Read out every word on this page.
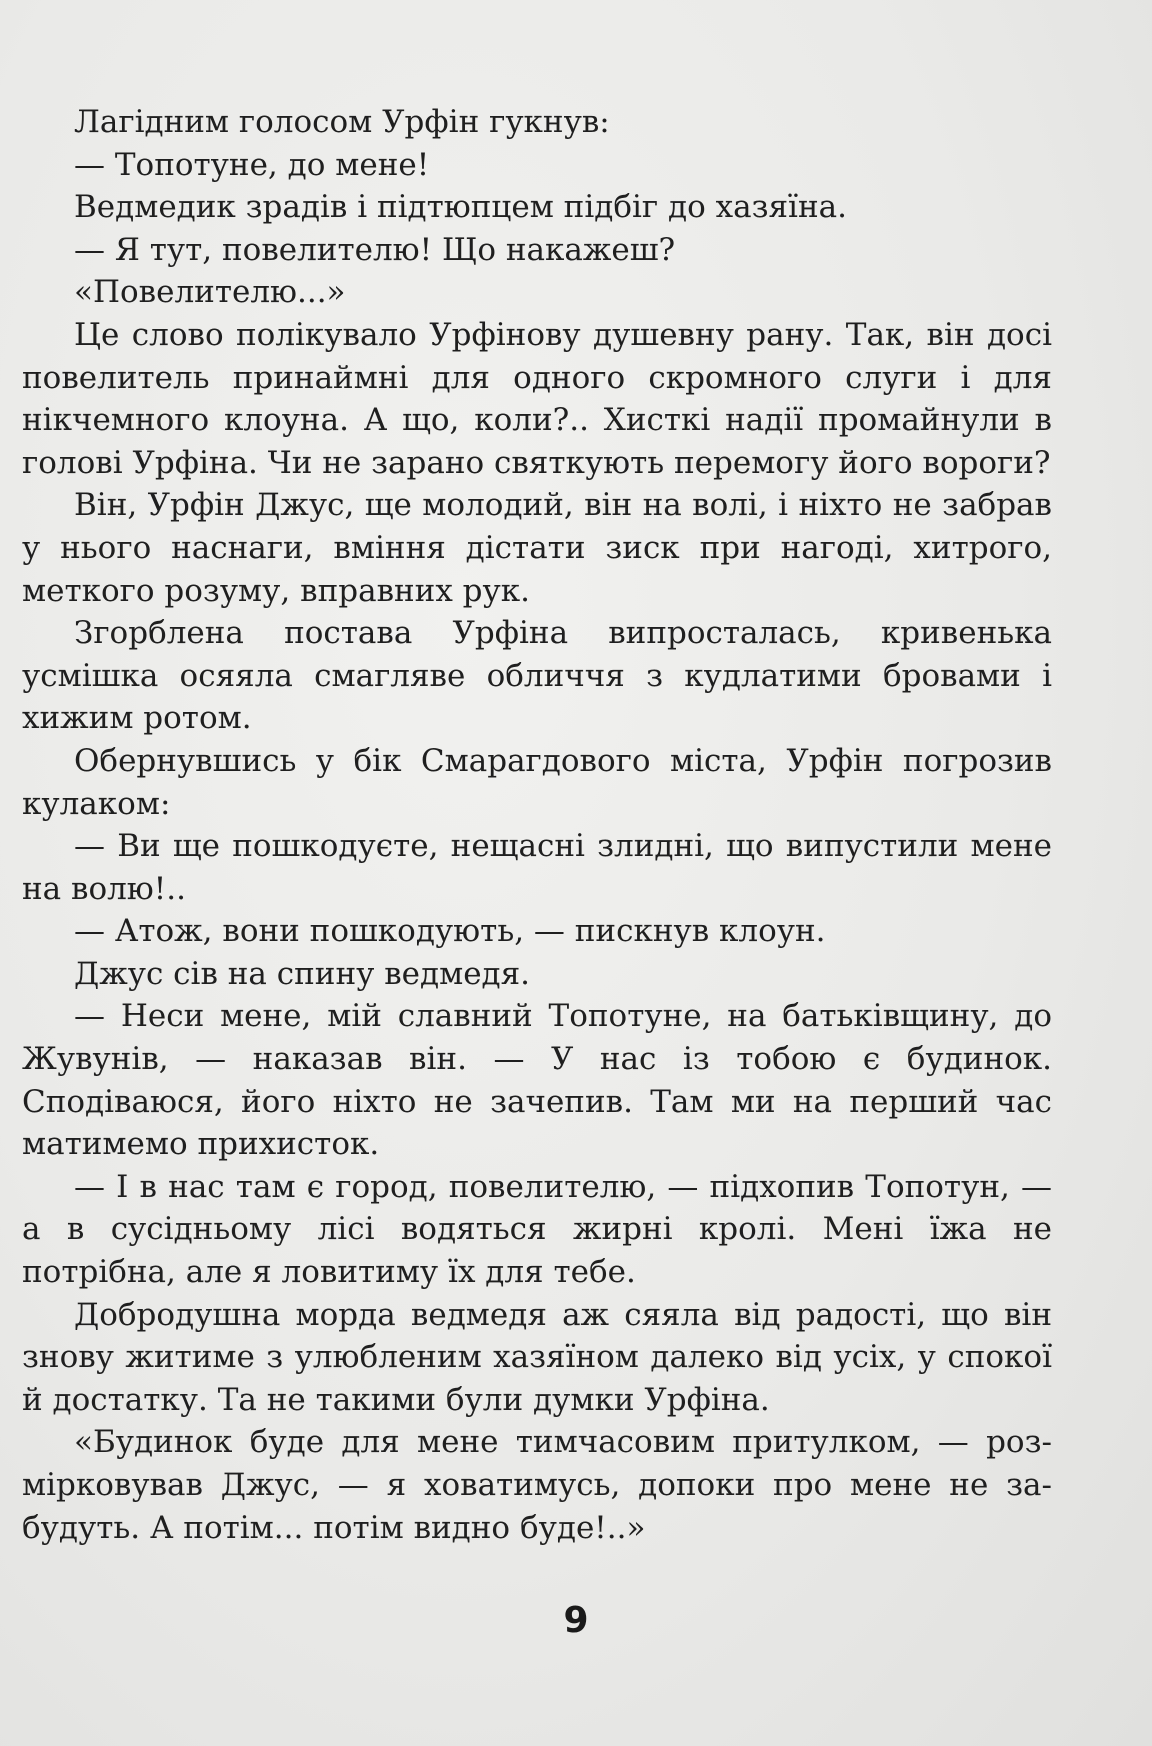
Лагідним голосом Урфін гукнув:

— Топотуне, до мене!

Ведмедик зрадів і підтюпцем підбіг до хазяїна.

— Я тут, повелителю! Що накажеш?

«Повелителю...»

Це слово полікувало Урфінову душевну рану. Так, він досі повелитель принаймні для одного скромного слуги і для нікчемного клоуна. А що, коли?.. Хисткі надії промайнули в голові Урфіна. Чи не зарано святкують перемогу його вороги?

Він, Урфін Джус, ще молодий, він на волі, і ніхто не забрав у нього наснаги, вміння дістати зиск при нагоді, хитрого, меткого розуму, вправних рук.

Згорблена постава Урфіна випросталась, кривенька усмішка осяяла смагляве обличчя з кудлатими бровами і хижим ротом.

Обернувшись у бік Смарагдового міста, Урфін погрозив кулаком:

— Ви ще пошкодуєте, нещасні злидні, що випустили мене на волю!..

— Атож, вони пошкодують, — пискнув клоун.

Джус сів на спину ведмедя.

— Неси мене, мій славний Топотуне, на батьківщину, до Жувунів, — наказав він. — У нас із тобою є будинок. Сподіваюся, його ніхто не зачепив. Там ми на перший час матимемо прихисток.

— І в нас там є город, повелителю, — підхопив Топотун, — а в сусідньому лісі водяться жирні кролі. Мені їжа не потрібна, але я ловитиму їх для тебе.

Добродушна морда ведмедя аж сяяла від радості, що він знову житиме з улюбленим хазяїном далеко від усіх, у спокої й достатку. Та не такими були думки Урфіна.

«Будинок буде для мене тимчасовим притулком, — розмірковував Джус, — я ховатимусь, допоки про мене не забудуть. А потім... потім видно буде!..»

9
